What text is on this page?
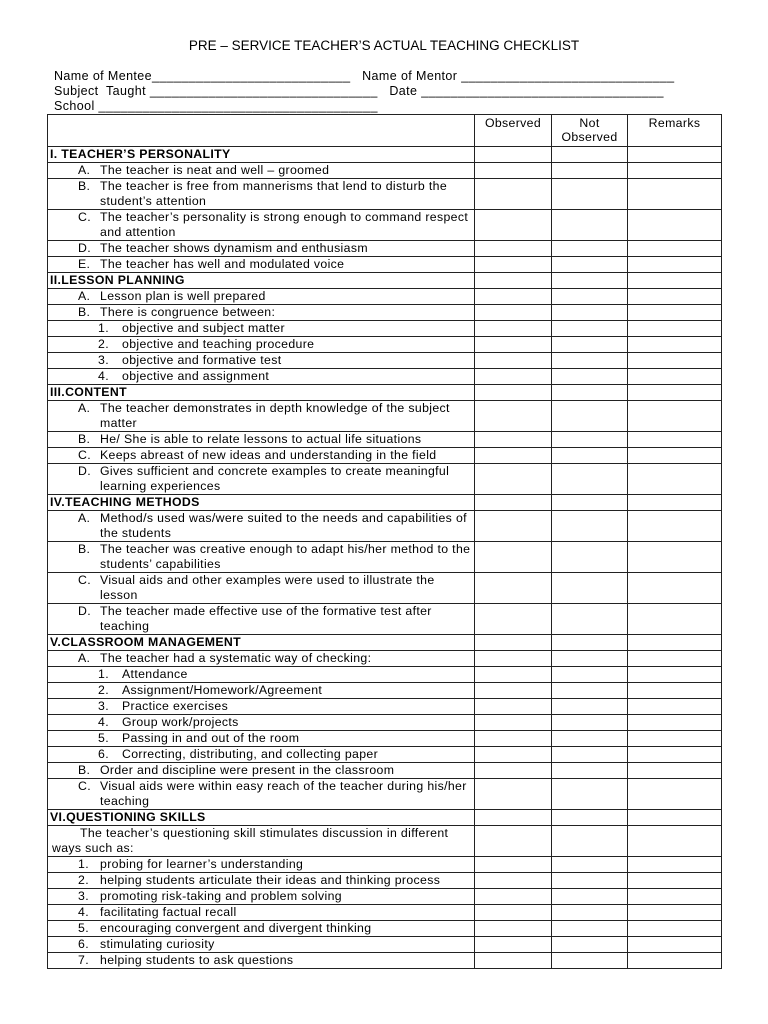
PRE – SERVICE TEACHER’S ACTUAL TEACHING CHECKLIST
Name of Mentee___________________________   Name of Mentor _____________________________
Subject  Taught _______________________________   Date _________________________________
School ______________________________________
	Observed	Not Observed	Remarks
I. TEACHER’S PERSONALITY			
A. The teacher is neat and well – groomed			
B. The teacher is free from mannerisms that lend to disturb the student’s attention			
C. The teacher’s personality is strong enough to command respect and attention			
D. The teacher shows dynamism and enthusiasm			
E. The teacher has well and modulated voice			
II.LESSON PLANNING			
A. Lesson plan is well prepared			
B. There is congruence between:			
1. objective and subject matter			
2. objective and teaching procedure			
3. objective and formative test			
4. objective and assignment			
III.CONTENT			
A. The teacher demonstrates in depth knowledge of the subject matter			
B. He/ She is able to relate lessons to actual life situations			
C. Keeps abreast of new ideas and understanding in the field			
D. Gives sufficient and concrete examples to create meaningful learning experiences			
IV.TEACHING METHODS			
A. Method/s used was/were suited to the needs and capabilities of the students			
B. The teacher was creative enough to adapt his/her method to the students’ capabilities			
C. Visual aids and other examples were used to illustrate the lesson			
D. The teacher made effective use of the formative test after teaching			
V.CLASSROOM MANAGEMENT			
A. The teacher had a systematic way of checking:			
1. Attendance			
2. Assignment/Homework/Agreement			
3. Practice exercises			
4. Group work/projects			
5. Passing in and out of the room			
6. Correcting, distributing, and collecting paper			
B. Order and discipline were present in the classroom			
C. Visual aids were within easy reach of the teacher during his/her teaching			
VI.QUESTIONING SKILLS			
The teacher’s questioning skill stimulates discussion in different ways such as:			
1. probing for learner’s understanding			
2. helping students articulate their ideas and thinking process			
3. promoting risk-taking and problem solving			
4. facilitating factual recall			
5. encouraging convergent and divergent thinking			
6. stimulating curiosity			
7. helping students to ask questions			
